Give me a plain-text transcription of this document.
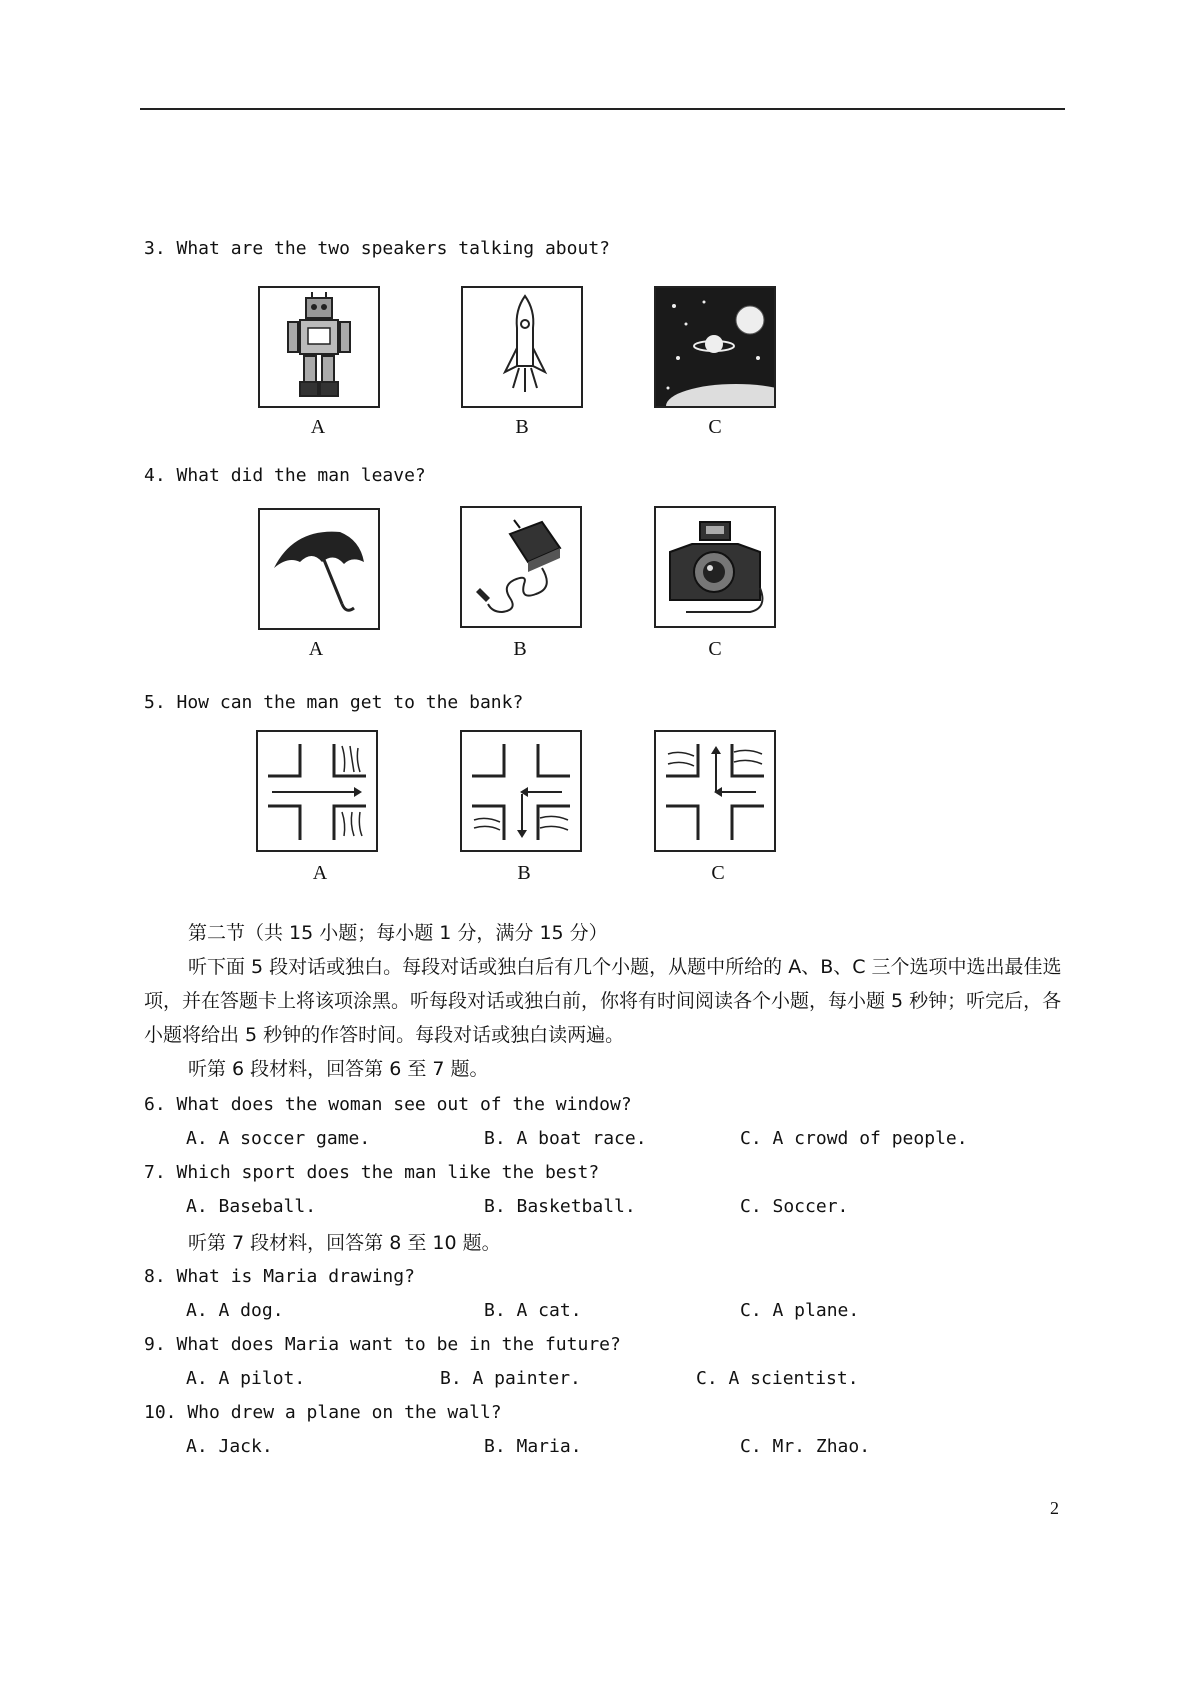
3. What are the two speakers talking about?
A	B	C
4. What did the man leave?
A	B	C
5. How can the man get to the bank?
A	B	C
第二节（共 15 小题；每小题 1 分，满分 15 分）
听下面 5 段对话或独白。每段对话或独白后有几个小题，从题中所给的 A、B、C 三个选项中选出最佳选项，并在答题卡上将该项涂黑。听每段对话或独白前，你将有时间阅读各个小题，每小题 5 秒钟；听完后，各小题将给出 5 秒钟的作答时间。每段对话或独白读两遍。
听第 6 段材料，回答第 6 至 7 题。
6. What does the woman see out of the window?
A. A soccer game.	B. A boat race.	C. A crowd of people.
7. Which sport does the man like the best?
A. Baseball.	B. Basketball.	C. Soccer.
听第 7 段材料，回答第 8 至 10 题。
8. What is Maria drawing?
A. A dog.	B. A cat.	C. A plane.
9. What does Maria want to be in the future?
A. A pilot.	B. A painter.	C. A scientist.
10. Who drew a plane on the wall?
A. Jack.	B. Maria.	C. Mr. Zhao.
2
